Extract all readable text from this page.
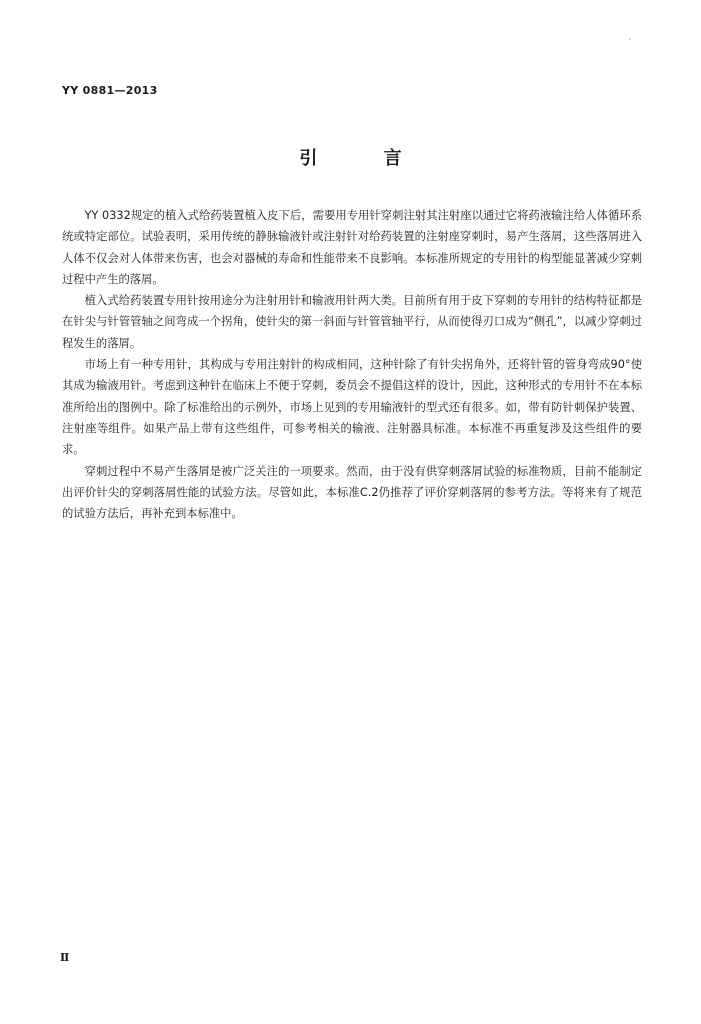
YY 0881—2013
引 言

YY 0332规定的植入式给药装置植入皮下后，需要用专用针穿刺注射其注射座以通过它将药液输注给人体循环系统或特定部位。试验表明，采用传统的静脉输液针或注射针对给药装置的注射座穿刺时，易产生落屑，这些落屑进入人体不仅会对人体带来伤害，也会对器械的寿命和性能带来不良影响。本标准所规定的专用针的构型能显著减少穿刺过程中产生的落屑。

植入式给药装置专用针按用途分为注射用针和输液用针两大类。目前所有用于皮下穿刺的专用针的结构特征都是在针尖与针管管轴之间弯成一个拐角，使针尖的第一斜面与针管管轴平行，从而使得刃口成为“侧孔”，以减少穿刺过程发生的落屑。

市场上有一种专用针，其构成与专用注射针的构成相同，这种针除了有针尖拐角外，还将针管的管身弯成90°使其成为输液用针。考虑到这种针在临床上不便于穿刺，委员会不提倡这样的设计，因此，这种形式的专用针不在本标准所给出的图例中。除了标准给出的示例外，市场上见到的专用输液针的型式还有很多。如，带有防针刺保护装置、注射座等组件。如果产品上带有这些组件，可参考相关的输液、注射器具标准。本标准不再重复涉及这些组件的要求。

穿刺过程中不易产生落屑是被广泛关注的一项要求。然而，由于没有供穿刺落屑试验的标准物质，目前不能制定出评价针尖的穿刺落屑性能的试验方法。尽管如此，本标准C.2仍推荐了评价穿刺落屑的参考方法。等将来有了规范的试验方法后，再补充到本标准中。

Ⅱ
